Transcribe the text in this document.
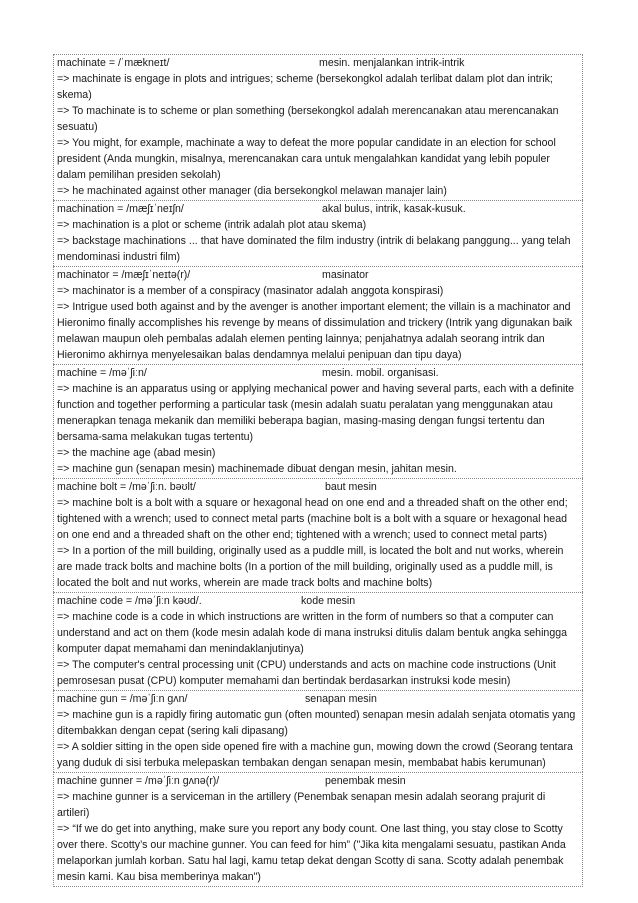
machinate = /ˈmækneɪt/	mesin. menjalankan intrik-intrik

=> machinate is engage in plots and intrigues; scheme (bersekongkol adalah terlibat dalam plot dan intrik; skema)

=> To machinate is to scheme or plan something (bersekongkol adalah merencanakan atau merencanakan sesuatu)

=> You might, for example, machinate a way to defeat the more popular candidate in an election for school president (Anda mungkin, misalnya, merencanakan cara untuk mengalahkan kandidat yang lebih populer dalam pemilihan presiden sekolah)

=> he machinated against other manager (dia bersekongkol melawan manajer lain)

machination = /mæʃɪˈneɪʃn/	akal bulus, intrik, kasak-kusuk.

=> machination is a plot or scheme (intrik adalah plot atau skema)

=> backstage machinations ... that have dominated the film industry (intrik di belakang panggung... yang telah mendominasi industri film)

machinator = /mæʃɪˈneɪtə(r)/	masinator

=> machinator is a member of a conspiracy (masinator adalah anggota konspirasi)

=> Intrigue used both against and by the avenger is another important element; the villain is a machinator and Hieronimo finally accomplishes his revenge by means of dissimulation and trickery (Intrik yang digunakan baik melawan maupun oleh pembalas adalah elemen penting lainnya; penjahatnya adalah seorang intrik dan Hieronimo akhirnya menyelesaikan balas dendamnya melalui penipuan dan tipu daya)

machine = /məˈʃiːn/	mesin. mobil. organisasi.

=> machine is an apparatus using or applying mechanical power and having several parts, each with a definite function and together performing a particular task (mesin adalah suatu peralatan yang menggunakan atau menerapkan tenaga mekanik dan memiliki beberapa bagian, masing-masing dengan fungsi tertentu dan bersama-sama melakukan tugas tertentu)

=> the machine age (abad mesin)

=> machine gun (senapan mesin) machinemade dibuat dengan mesin, jahitan mesin.

machine bolt = /məˈʃiːn. bəʊlt/	baut mesin

=> machine bolt is a bolt with a square or hexagonal head on one end and a threaded shaft on the other end; tightened with a wrench; used to connect metal parts (machine bolt is a bolt with a square or hexagonal head on one end and a threaded shaft on the other end; tightened with a wrench; used to connect metal parts)

=> In a portion of the mill building, originally used as a puddle mill, is located the bolt and nut works, wherein are made track bolts and machine bolts (In a portion of the mill building, originally used as a puddle mill, is located the bolt and nut works, wherein are made track bolts and machine bolts)

machine code = /məˈʃiːn kəʊd/.	kode mesin

=> machine code is a code in which instructions are written in the form of numbers so that a computer can understand and act on them (kode mesin adalah kode di mana instruksi ditulis dalam bentuk angka sehingga komputer dapat memahami dan menindaklanjutinya)

=> The computer's central processing unit (CPU) understands and acts on machine code instructions (Unit pemrosesan pusat (CPU) komputer memahami dan bertindak berdasarkan instruksi kode mesin)

machine gun = /məˈʃiːn ɡʌn/	senapan mesin

=> machine gun is a rapidly firing automatic gun (often mounted) senapan mesin adalah senjata otomatis yang ditembakkan dengan cepat (sering kali dipasang)

=> A soldier sitting in the open side opened fire with a machine gun, mowing down the crowd (Seorang tentara yang duduk di sisi terbuka melepaskan tembakan dengan senapan mesin, membabat habis kerumunan)

machine gunner = /məˈʃiːn ɡʌnə(r)/	penembak mesin

=> machine gunner is a serviceman in the artillery (Penembak senapan mesin adalah seorang prajurit di artileri)

=> “If we do get into anything, make sure you report any body count. One last thing, you stay close to Scotty over there. Scotty’s our machine gunner. You can feed for him” ("Jika kita mengalami sesuatu, pastikan Anda melaporkan jumlah korban. Satu hal lagi, kamu tetap dekat dengan Scotty di sana. Scotty adalah penembak mesin kami. Kau bisa memberinya makan")
